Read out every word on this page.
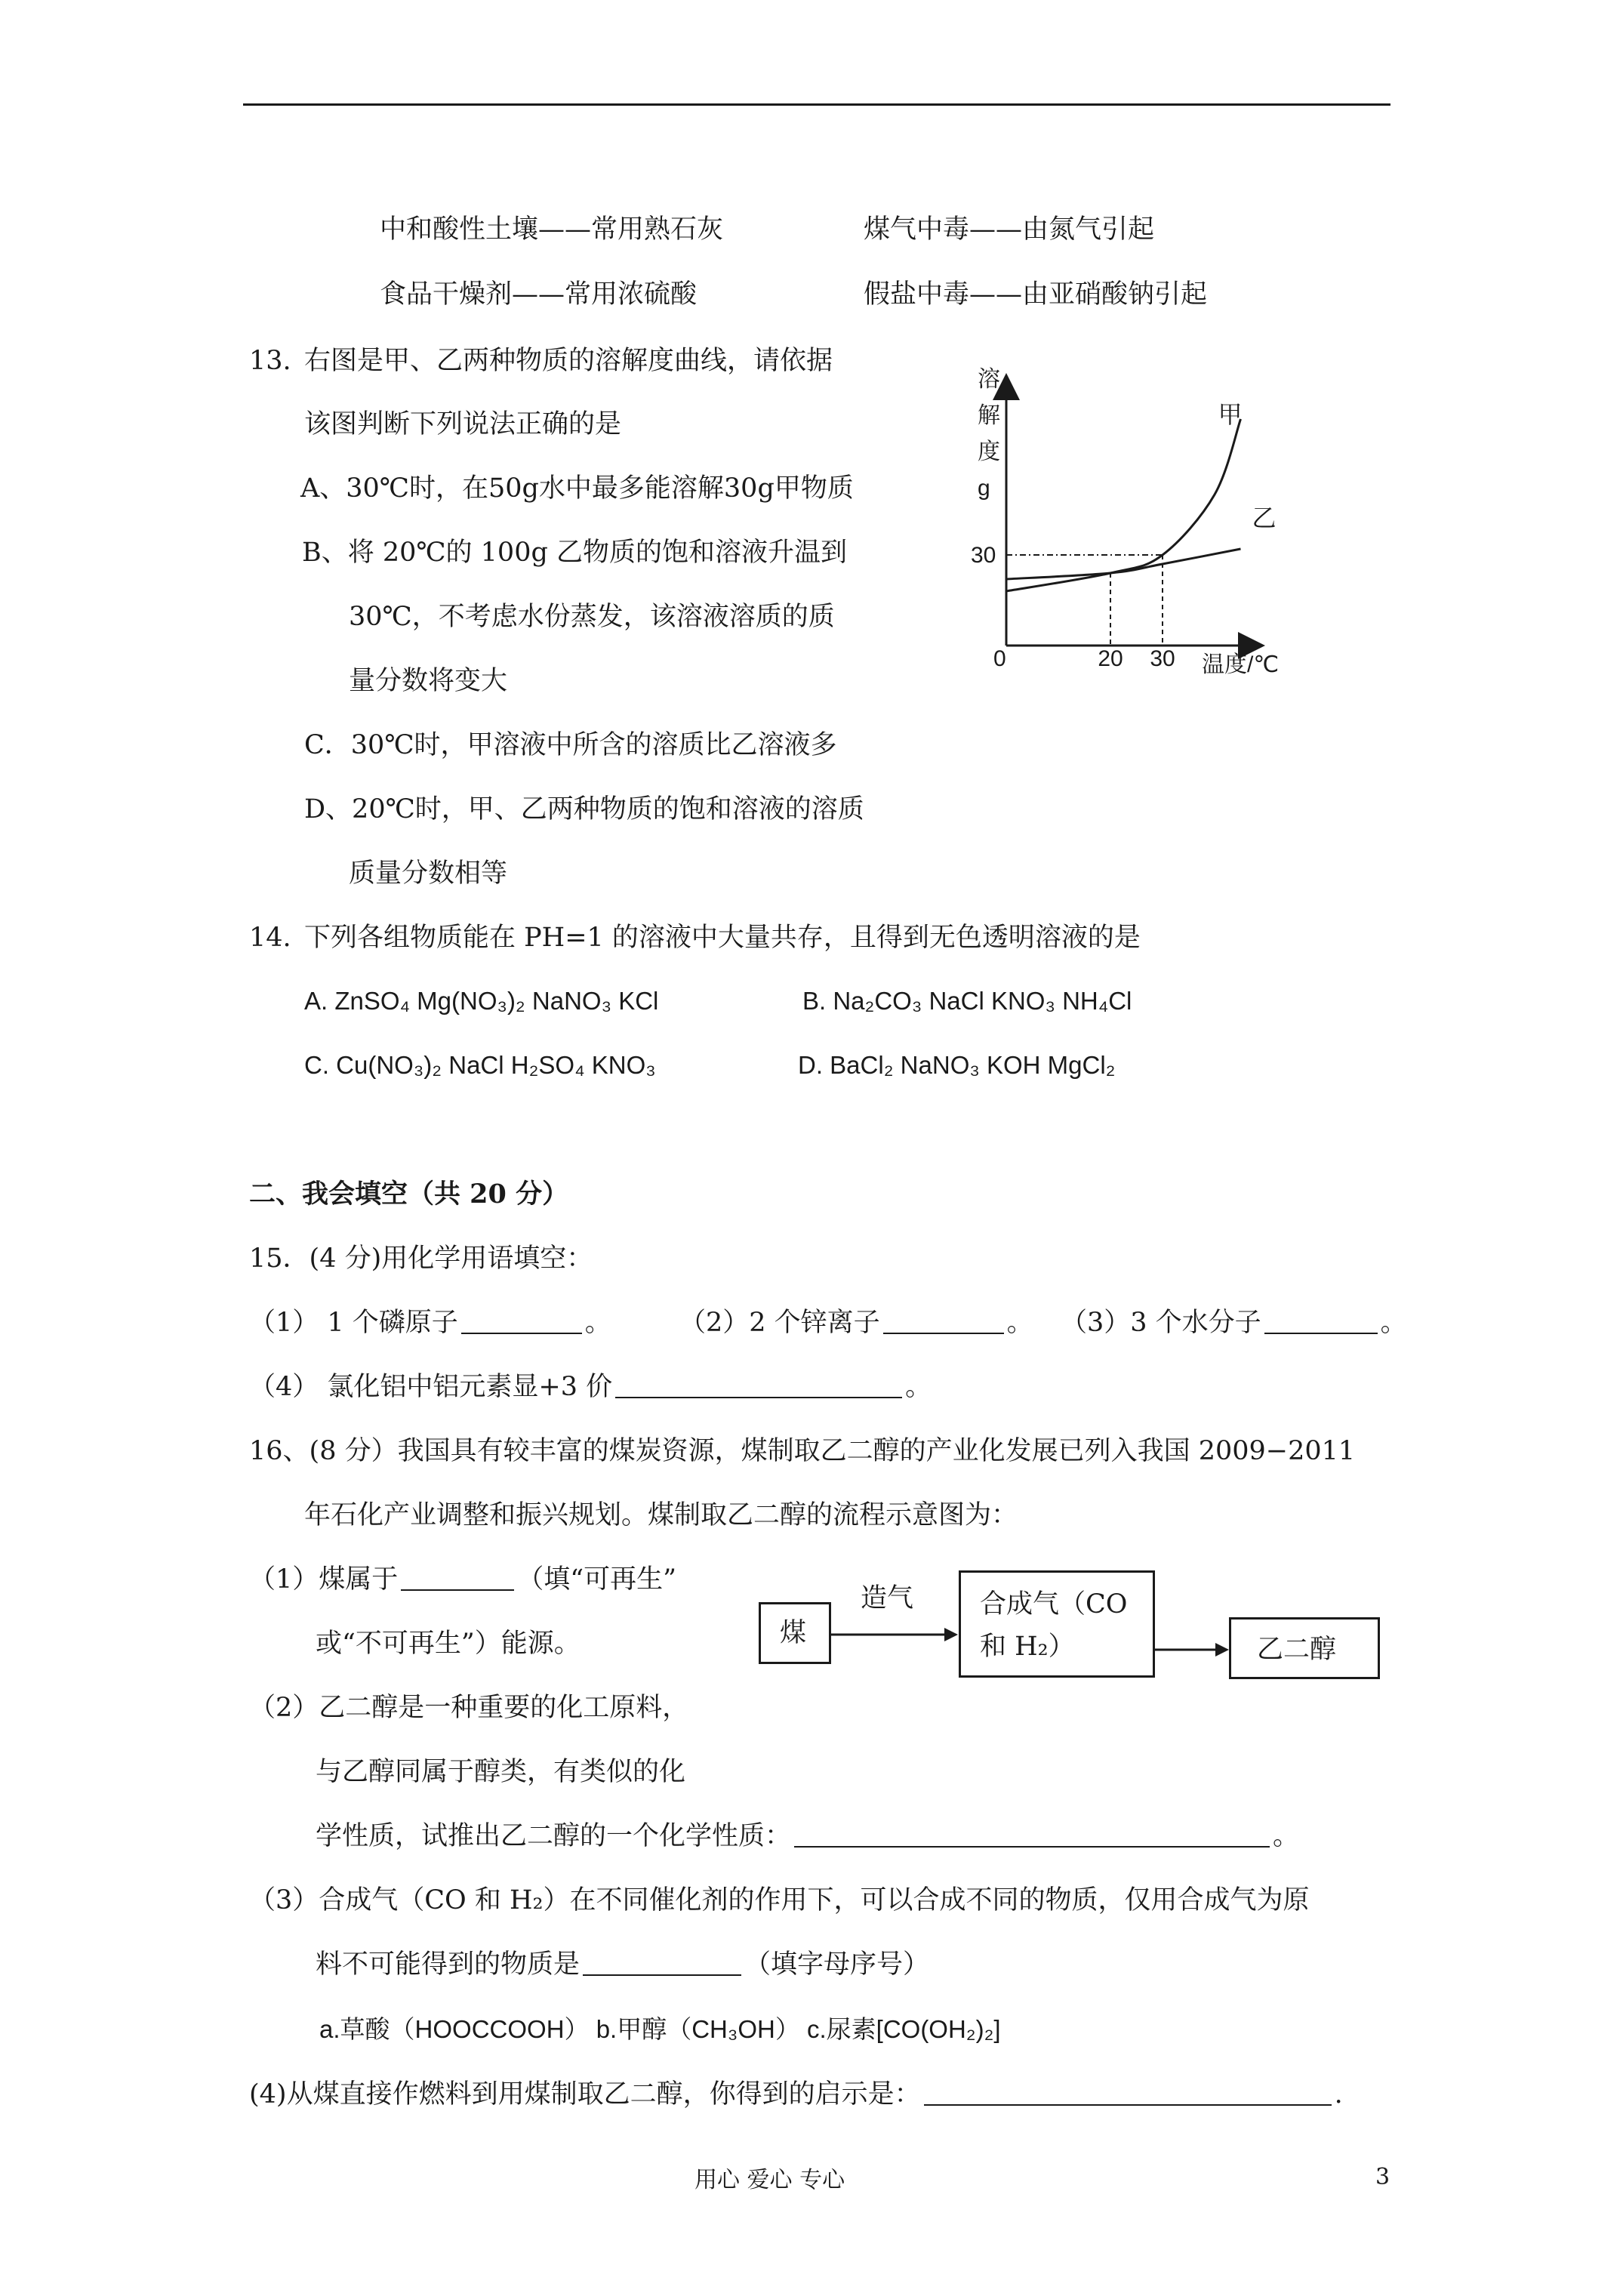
中和酸性土壤——常用熟石灰	煤气中毒——由氮气引起
食品干燥剂——常用浓硫酸	假盐中毒——由亚硝酸钠引起
13. 右图是甲、乙两种物质的溶解度曲线，请依据
该图判断下列说法正确的是
A、30℃时，在50g水中最多能溶解30g甲物质
B、将 20℃的 100g 乙物质的饱和溶液升温到
30℃，不考虑水份蒸发，该溶液溶质的质
量分数将变大
C．30℃时，甲溶液中所含的溶质比乙溶液多
D、20℃时，甲、乙两种物质的饱和溶液的溶质
质量分数相等
溶
解
度
g
温度/℃
0	20 30
30
甲
乙
14. 下列各组物质能在 PH=1 的溶液中大量共存，且得到无色透明溶液的是
A. ZnSO₄ Mg(NO₃)₂ NaNO₃ KCl	B. Na₂CO₃ NaCl KNO₃ NH₄Cl
C. Cu(NO₃)₂ NaCl H₂SO₄ KNO₃	D. BaCl₂ NaNO₃ KOH MgCl₂
二、我会填空（共 20 分）
15．(4 分)用化学用语填空：
（1） 1 个磷原子	。	（2）2 个锌离子	。 （3）3 个水分子	。
（4） 氯化铝中铝元素显+3 价	。
16、(8 分）我国具有较丰富的煤炭资源，煤制取乙二醇的产业化发展已列入我国 2009−2011
年石化产业调整和振兴规划。煤制取乙二醇的流程示意图为：
（1）煤属于	（填“可再生”
或“不可再生”）能源。	煤
造气	合成气（CO
和 H₂）	乙二醇
（2）乙二醇是一种重要的化工原料，
与乙醇同属于醇类，有类似的化
学性质，试推出乙二醇的一个化学性质：	。
（3）合成气（CO 和 H₂）在不同催化剂的作用下，可以合成不同的物质，仅用合成气为原
料不可能得到的物质是	（填字母序号）
a.草酸（HOOCCOOH） b.甲醇（CH₃OH） c.尿素[CO(OH₂)₂]
(4)从煤直接作燃料到用煤制取乙二醇，你得到的启示是：	.
用心 爱心 专心	3
